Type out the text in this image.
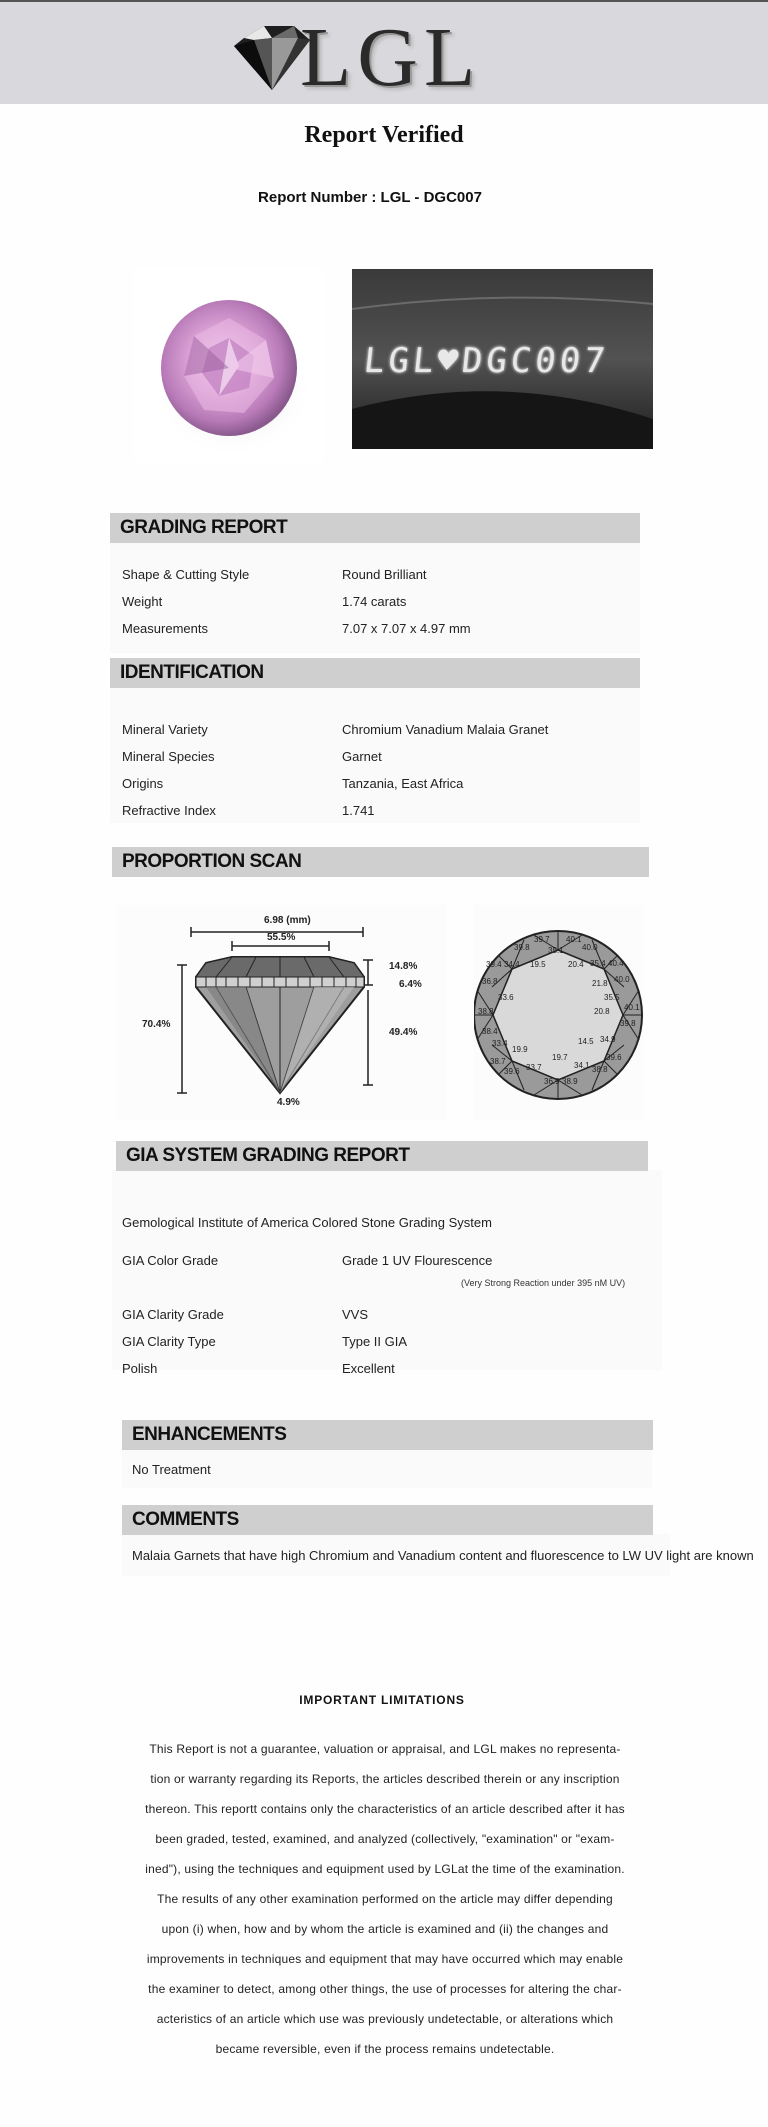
LGL
Report Verified
Report Number : LGL - DGC007
LGL♥DGC007
GRADING REPORT
Shape & Cutting Style	Round Brilliant
Weight	1.74 carats
Measurements	7.07 x 7.07 x 4.97 mm
IDENTIFICATION
Mineral Variety	Chromium Vanadium Malaia Granet
Mineral Species	Garnet
Origins	Tanzania, East Africa
Refractive Index	1.741
PROPORTION SCAN
6.98 (mm)
55.5%
14.8%
6.4%
70.4%
49.4%
4.9%
39.7 40.1
40.0
39.8 35.1
39.4 34.4 19.5	20.4 35.4 40.4
36.8	21.8 40.0
33.6	35.5
38.8	20.8 40.1
39.8
38.4
14.5 34.9
33.4
19.9
19.7	39.6
38.7
33.7	34.1
39.6	38.8
36.9 38.9
GIA SYSTEM GRADING REPORT
Gemological Institute of America Colored Stone Grading System
GIA Color Grade	Grade 1 UV Flourescence
(Very Strong Reaction under 395 nM UV)
GIA Clarity Grade	VVS
GIA Clarity Type	Type II GIA
Polish	Excellent
ENHANCEMENTS
No Treatment
COMMENTS
Malaia Garnets that have high Chromium and Vanadium content and fluorescence to LW UV light are known
IMPORTANT LIMITATIONS
This Report is not a guarantee, valuation or appraisal, and LGL makes no representa-
tion or warranty regarding its Reports, the articles described therein or any inscription
thereon. This reportt contains only the characteristics of an article described after it has
been graded, tested, examined, and analyzed (collectively, "examination" or "exam-
ined"), using the techniques and equipment used by LGLat the time of the examination.
The results of any other examination performed on the article may differ depending
upon (i) when, how and by whom the article is examined and (ii) the changes and
improvements in techniques and equipment that may have occurred which may enable
the examiner to detect, among other things, the use of processes for altering the char-
acteristics of an article which use was previously undetectable, or alterations which
became reversible, even if the process remains undetectable.
